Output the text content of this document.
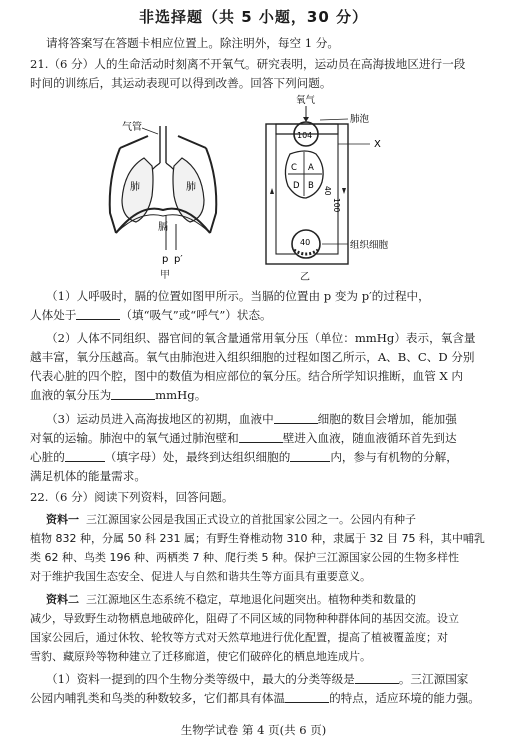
非选择题（共 5 小题，30 分）
请将答案写在答题卡相应位置上。除注明外，每空 1 分。
21.（6 分）人的生命活动时刻离不开氧气。研究表明，运动员在高海拔地区进行一段
时间的训练后，其运动表现可以得到改善。回答下列问题。
气管
肺	肺
膈
p p′
甲
氧气
104
肺泡
X
C A
D B 40
100
40	组织细胞
乙
（1）人呼吸时，膈的位置如图甲所示。当膈的位置由 p 变为 p′的过程中，
人体处于	（填“吸气”或“呼气”）状态。
（2）人体不同组织、器官间的氧含量通常用氧分压（单位：mmHg）表示，氧含量
越丰富，氧分压越高。氧气由肺泡进入组织细胞的过程如图乙所示，A、B、C、D 分别
代表心脏的四个腔，图中的数值为相应部位的氧分压。结合所学知识推断，血管 X 内
血液的氧分压为	mmHg。
（3）运动员进入高海拔地区的初期，血液中	细胞的数目会增加，能加强
对氧的运输。肺泡中的氧气通过肺泡壁和	壁进入血液，随血液循环首先到达
心脏的	（填字母）处，最终到达组织细胞的	内，参与有机物的分解，
满足机体的能量需求。
22.（6 分）阅读下列资料，回答问题。
资料一 三江源国家公园是我国正式设立的首批国家公园之一。公园内有种子
植物 832 种，分属 50 科 231 属；有野生脊椎动物 310 种，隶属于 32 目 75 科，其中哺乳
类 62 种、鸟类 196 种、两栖类 7 种、爬行类 5 种。保护三江源国家公园的生物多样性
对于维护我国生态安全、促进人与自然和谐共生等方面具有重要意义。
资料二 三江源地区生态系统不稳定，草地退化问题突出。植物种类和数量的
减少，导致野生动物栖息地破碎化，阻碍了不同区域的同物种种群体间的基因交流。设立
国家公园后，通过休牧、轮牧等方式对天然草地进行优化配置，提高了植被覆盖度；对
雪豹、藏原羚等物种建立了迁移廊道，使它们破碎化的栖息地连成片。
（1）资料一提到的四个生物分类等级中，最大的分类等级是	。三江源国家
公园内哺乳类和鸟类的种数较多，它们都具有体温	的特点，适应环境的能力强。
生物学试卷 第 4 页(共 6 页)
